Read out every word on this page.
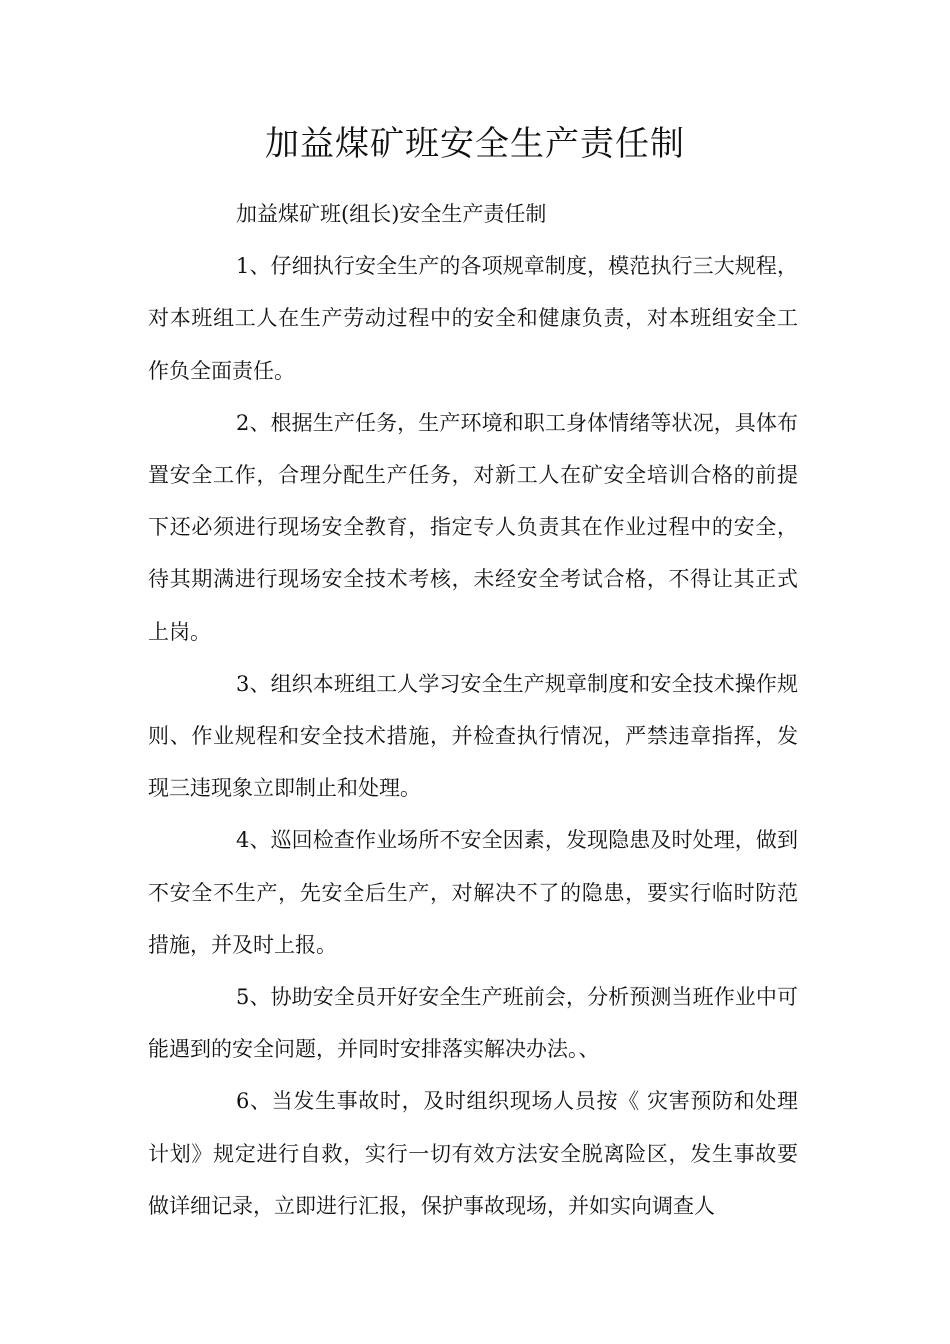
加益煤矿班安全生产责任制

加益煤矿班(组长)安全生产责任制

1、仔细执行安全生产的各项规章制度，模范执行三大规程，对本班组工人在生产劳动过程中的安全和健康负责，对本班组安全工作负全面责任。

2、根据生产任务，生产环境和职工身体情绪等状况，具体布置安全工作，合理分配生产任务，对新工人在矿安全培训合格的前提下还必须进行现场安全教育，指定专人负责其在作业过程中的安全，待其期满进行现场安全技术考核，未经安全考试合格，不得让其正式上岗。

3、组织本班组工人学习安全生产规章制度和安全技术操作规则、作业规程和安全技术措施，并检查执行情况，严禁违章指挥，发现三违现象立即制止和处理。

4、巡回检查作业场所不安全因素，发现隐患及时处理，做到不安全不生产，先安全后生产，对解决不了的隐患，要实行临时防范措施，并及时上报。

5、协助安全员开好安全生产班前会，分析预测当班作业中可能遇到的安全问题，并同时安排落实解决办法。、

6、当发生事故时，及时组织现场人员按《 灾害预防和处理计划》规定进行自救，实行一切有效方法安全脱离险区，发生事故要做详细记录，立即进行汇报，保护事故现场，并如实向调查人
